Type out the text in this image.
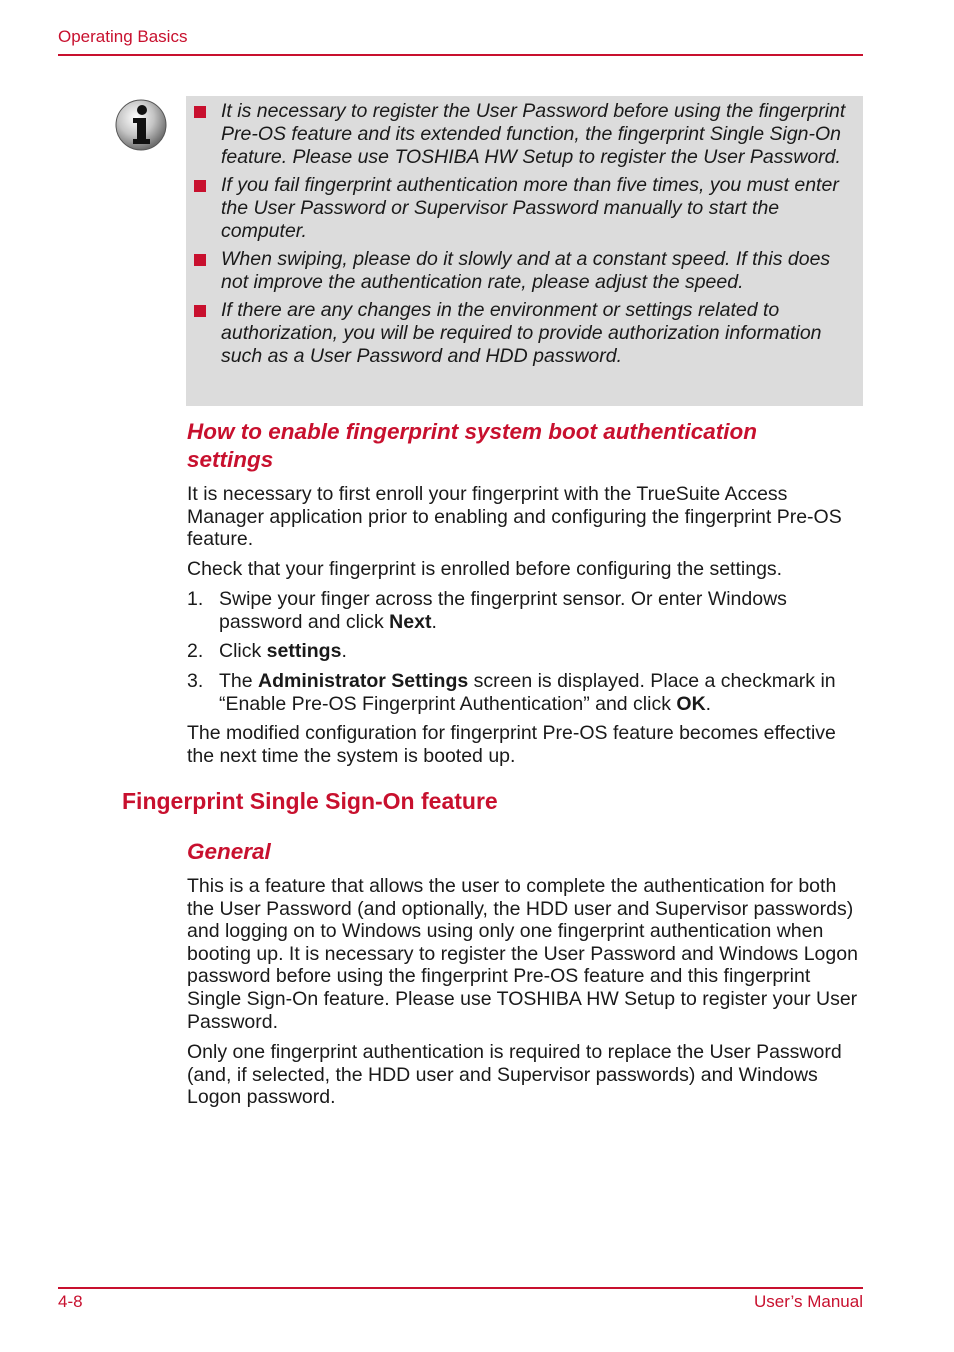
Operating Basics
It is necessary to register the User Password before using the fingerprint Pre-OS feature and its extended function, the fingerprint Single Sign-On feature. Please use TOSHIBA HW Setup to register the User Password.
If you fail fingerprint authentication more than five times, you must enter the User Password or Supervisor Password manually to start the computer.
When swiping, please do it slowly and at a constant speed. If this does not improve the authentication rate, please adjust the speed.
If there are any changes in the environment or settings related to authorization, you will be required to provide authorization information such as a User Password and HDD password.
How to enable fingerprint system boot authentication settings
It is necessary to first enroll your fingerprint with the TrueSuite Access Manager application prior to enabling and configuring the fingerprint Pre-OS feature.
Check that your fingerprint is enrolled before configuring the settings.
1. Swipe your finger across the fingerprint sensor. Or enter Windows password and click Next.
2. Click settings.
3. The Administrator Settings screen is displayed. Place a checkmark in “Enable Pre-OS Fingerprint Authentication” and click OK.
The modified configuration for fingerprint Pre-OS feature becomes effective the next time the system is booted up.
Fingerprint Single Sign-On feature
General
This is a feature that allows the user to complete the authentication for both the User Password (and optionally, the HDD user and Supervisor passwords) and logging on to Windows using only one fingerprint authentication when booting up. It is necessary to register the User Password and Windows Logon password before using the fingerprint Pre-OS feature and this fingerprint Single Sign-On feature. Please use TOSHIBA HW Setup to register your User Password.
Only one fingerprint authentication is required to replace the User Password (and, if selected, the HDD user and Supervisor passwords) and Windows Logon password.
4-8	User’s Manual
